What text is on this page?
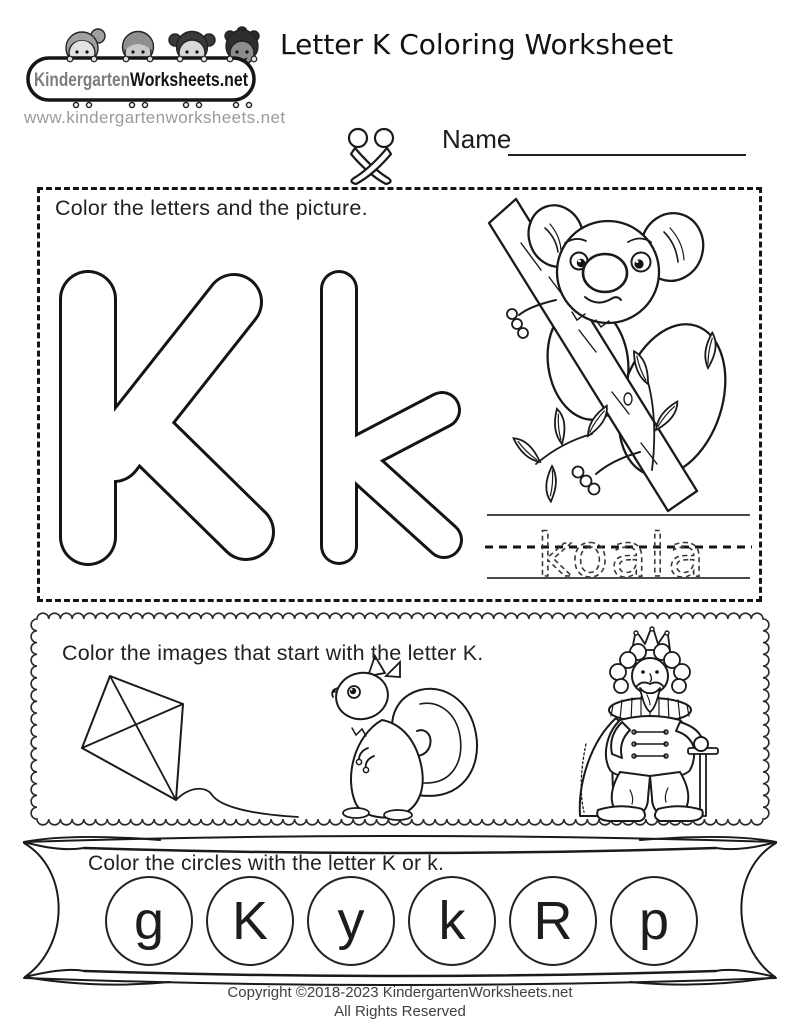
KindergartenWorksheets.net
www.kindergartenworksheets.net
Letter K Coloring Worksheet
Name
koala
Color the letters and the picture.
Color the images that start with the letter K.
Color the circles with the letter K or k.
g	K	y	k	R	p
Copyright ©2018-2023 KindergartenWorksheets.net
All Rights Reserved
